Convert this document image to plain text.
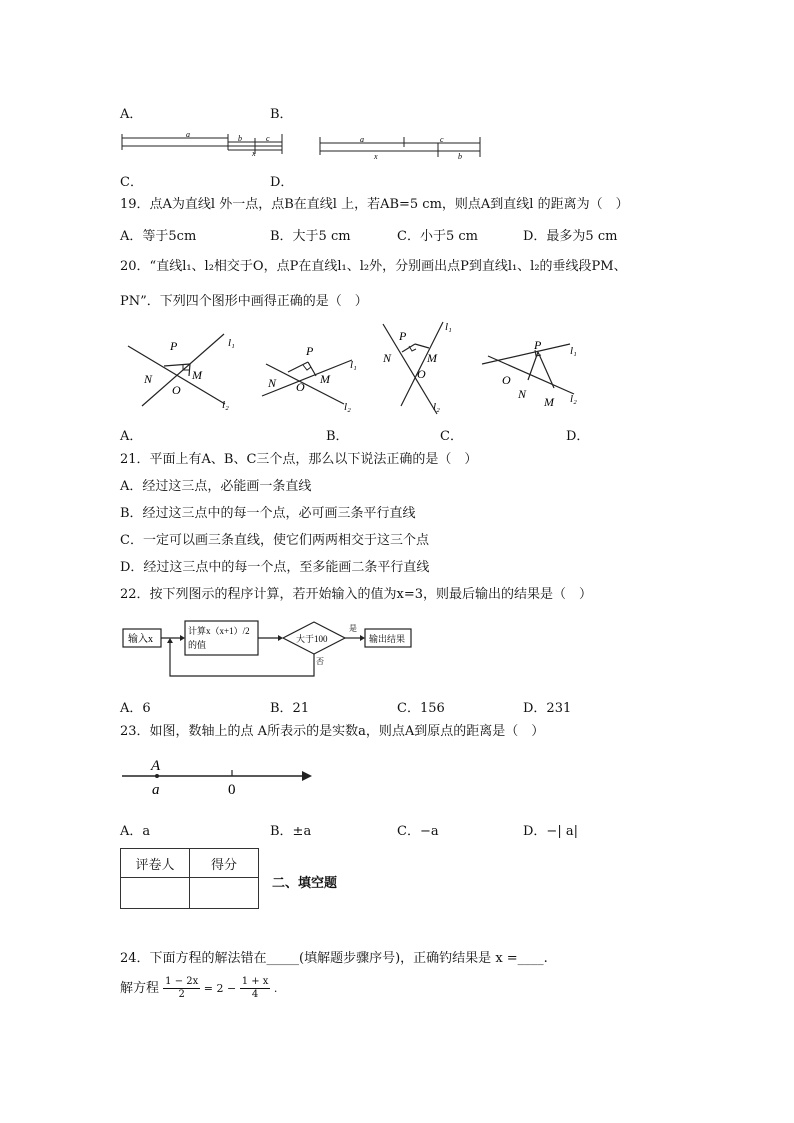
A．	B．
a	b	c
x
a	c
x	b
C．	D．
19．点A为直线l 外一点，点B在直线l 上，若AB=5 cm，则点A到直线l 的距离为（　）
A．等于5cm	B．大于5 cm	C．小于5 cm	D．最多为5 cm
20．“直线l₁、l₂相交于O，点P在直线l₁、l₂外，分别画出点P到直线l₁、l₂的垂线段PM、
PN”．下列四个图形中画得正确的是（　）
P
M
N
O
l₁
l₂
P
M
N O
l₁
l₂
P
M
N
O
l₁
l₂
P
M
N
O
l₁
l₂
A．	B．	C．	D．
21．平面上有A、B、C三个点，那么以下说法正确的是（　）
A．经过这三点，必能画一条直线
B．经过这三点中的每一个点，必可画三条平行直线
C．一定可以画三条直线，使它们两两相交于这三个点
D．经过这三点中的每一个点，至多能画二条平行直线
22．按下列图示的程序计算，若开始输入的值为x=3，则最后输出的结果是（　）
输入x
计算x（x+1）/2
的值
大于100
是
输出结果
否
A．6	B．21	C．156	D．231
23．如图，数轴上的点 A所表示的是实数a，则点A到原点的距离是（　）
A
a	0
A．a	B．±a	C．−a	D．−| a|
评卷人	得分

二、填空题
24．下面方程的解法错在_____(填解题步骤序号)，正确钓结果是 x =____.
解方程 $\frac{1 - 2x}{2} = 2 - \frac{1 + x}{4}$ .
